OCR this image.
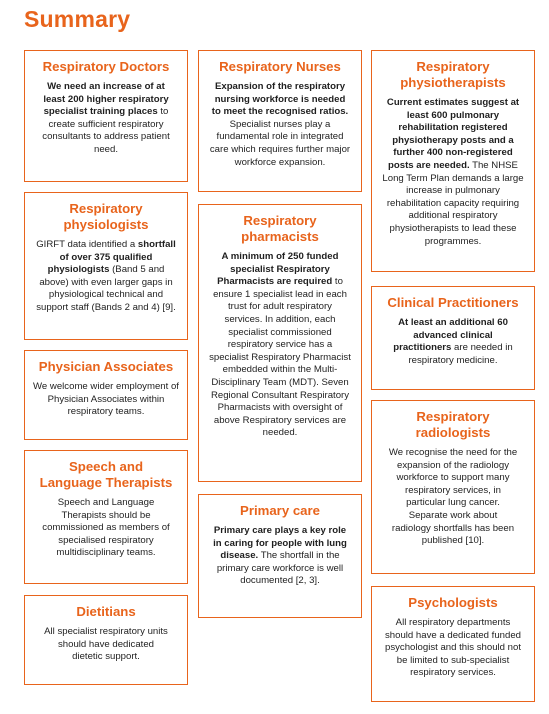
Summary
Respiratory Doctors

We need an increase of at least 200 higher respiratory specialist training places to create sufficient respiratory consultants to address patient need.

Respiratory physiologists

GIRFT data identified a shortfall of over 375 qualified physiologists (Band 5 and above) with even larger gaps in physiological technical and support staff (Bands 2 and 4) [9].

Physician Associates

We welcome wider employment of Physician Associates within respiratory teams.

Speech and Language Therapists

Speech and Language Therapists should be commissioned as members of specialised respiratory multidisciplinary teams.

Dietitians

All specialist respiratory units should have dedicated dietetic support.

Respiratory Nurses

Expansion of the respiratory nursing workforce is needed to meet the recognised ratios. Specialist nurses play a fundamental role in integrated care which requires further major workforce expansion.

Respiratory pharmacists

A minimum of 250 funded specialist Respiratory Pharmacists are required to ensure 1 specialist lead in each trust for adult respiratory services. In addition, each specialist commissioned respiratory service has a specialist Respiratory Pharmacist embedded within the Multi-Disciplinary Team (MDT). Seven Regional Consultant Respiratory Pharmacists with oversight of above Respiratory services are needed.

Primary care

Primary care plays a key role in caring for people with lung disease. The shortfall in the primary care workforce is well documented [2, 3].

Respiratory physiotherapists

Current estimates suggest at least 600 pulmonary rehabilitation registered physiotherapy posts and a further 400 non-registered posts are needed. The NHSE Long Term Plan demands a large increase in pulmonary rehabilitation capacity requiring additional respiratory physiotherapists to lead these programmes.

Clinical Practitioners

At least an additional 60 advanced clinical practitioners are needed in respiratory medicine.

Respiratory radiologists

We recognise the need for the expansion of the radiology workforce to support many respiratory services, in particular lung cancer. Separate work about radiology shortfalls has been published [10].

Psychologists

All respiratory departments should have a dedicated funded psychologist and this should not be limited to sub-specialist respiratory services.
